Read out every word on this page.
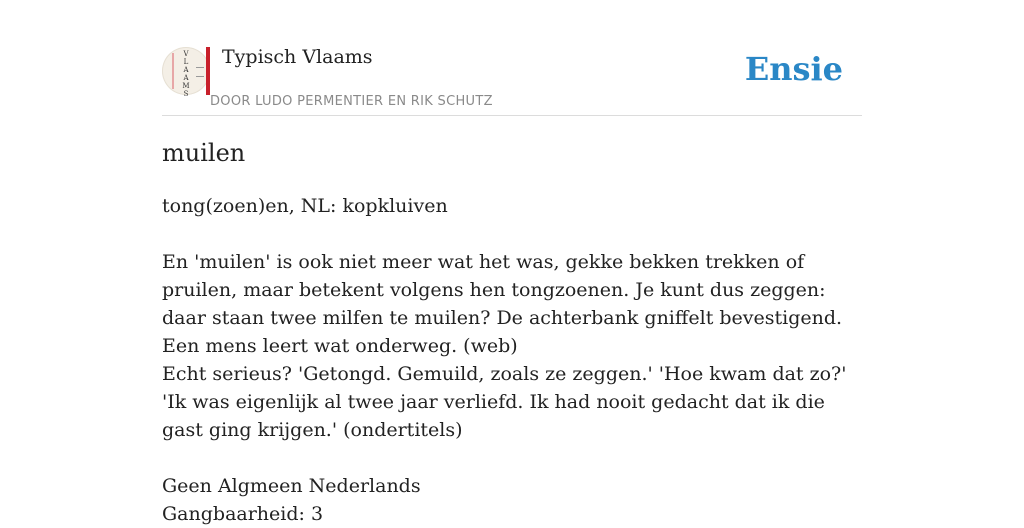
V
L
A
A
M
S
Typisch Vlaams
DOOR LUDO PERMENTIER EN RIK SCHUTZ
Ensie
muilen

tong(zoen)en, NL: kopkluiven

En 'muilen' is ook niet meer wat het was, gekke bekken trekken of pruilen, maar betekent volgens hen tongzoenen. Je kunt dus zeggen: daar staan twee milfen te muilen? De achterbank gniffelt bevestigend. Een mens leert wat onderweg. (web)

Echt serieus? 'Getongd. Gemuild, zoals ze zeggen.' 'Hoe kwam dat zo?' 'Ik was eigenlijk al twee jaar verliefd. Ik had nooit gedacht dat ik die gast ging krijgen.' (ondertitels)

Geen Algmeen Nederlands

Gangbaarheid: 3
